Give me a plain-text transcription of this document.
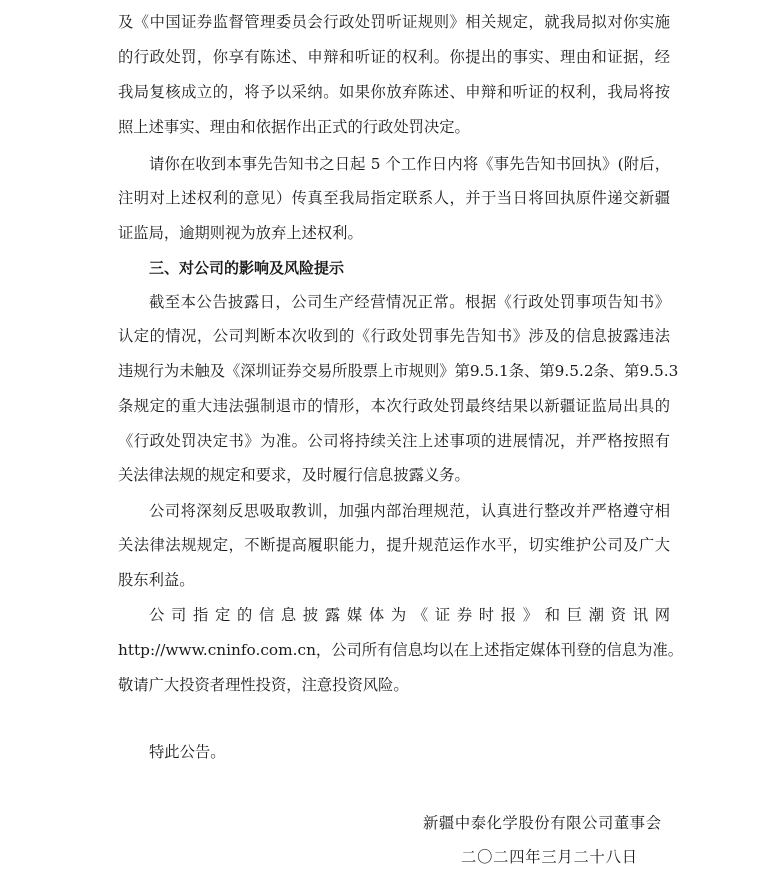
及《中国证券监督管理委员会行政处罚听证规则》相关规定，就我局拟对你实施
的行政处罚，你享有陈述、申辩和听证的权利。你提出的事实、理由和证据，经
我局复核成立的，将予以采纳。如果你放弃陈述、申辩和听证的权利，我局将按
照上述事实、理由和依据作出正式的行政处罚决定。
请你在收到本事先告知书之日起 5 个工作日内将《事先告知书回执》(附后，
注明对上述权利的意见）传真至我局指定联系人，并于当日将回执原件递交新疆
证监局，逾期则视为放弃上述权利。
三、对公司的影响及风险提示
截至本公告披露日，公司生产经营情况正常。根据《行政处罚事项告知书》
认定的情况，公司判断本次收到的《行政处罚事先告知书》涉及的信息披露违法
违规行为未触及《深圳证券交易所股票上市规则》第9.5.1条、第9.5.2条、第9.5.3
条规定的重大违法强制退市的情形，本次行政处罚最终结果以新疆证监局出具的
《行政处罚决定书》为准。公司将持续关注上述事项的进展情况，并严格按照有
关法律法规的规定和要求，及时履行信息披露义务。
公司将深刻反思吸取教训，加强内部治理规范，认真进行整改并严格遵守相
关法律法规规定，不断提高履职能力，提升规范运作水平，切实维护公司及广大
股东利益。
公 司 指 定 的 信 息 披 露 媒 体 为 《 证 券 时 报 》 和 巨 潮 资 讯 网
http://www.cninfo.com.cn，公司所有信息均以在上述指定媒体刊登的信息为准。
敬请广大投资者理性投资，注意投资风险。
特此公告。
新疆中泰化学股份有限公司董事会
二〇二四年三月二十八日
